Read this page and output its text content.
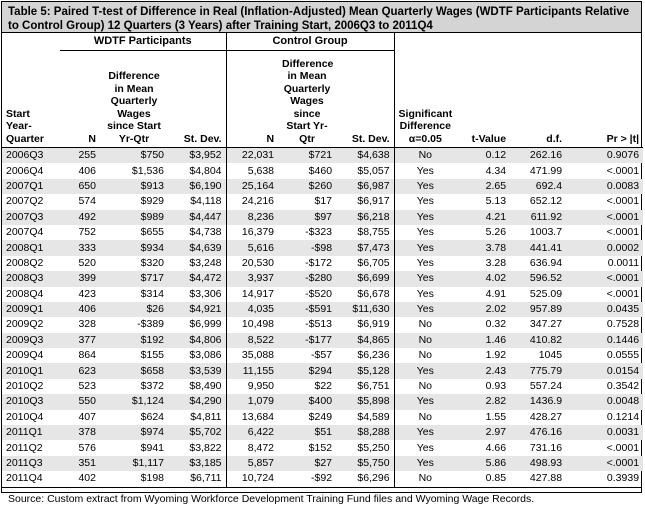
Table 5: Paired T-test of Difference in Real (Inflation-Adjusted) Mean Quarterly Wages (WDTF Participants Relative to Control Group) 12 Quarters (3 Years) after Training Start, 2006Q3 to 2011Q4
	WDTF Participants			Control Group						
Start Year-Quarter	N	Difference in Mean Quarterly Wages since Start Yr-Qtr	St. Dev.	N	Difference in Mean Quarterly Wages since Start Yr-Qtr	St. Dev.	Significant Difference α=0.05	t-Value	d.f.	Pr > |t|
2006Q3	255	$750	$3,952	22,031	$721	$4,638	No	0.12	262.16	0.9076
2006Q4	406	$1,536	$4,804	5,638	$460	$5,057	Yes	4.34	471.99	<.0001
2007Q1	650	$913	$6,190	25,164	$260	$6,987	Yes	2.65	692.4	0.0083
2007Q2	574	$929	$4,118	24,216	$17	$6,917	Yes	5.13	652.12	<.0001
2007Q3	492	$989	$4,447	8,236	$97	$6,218	Yes	4.21	611.92	<.0001
2007Q4	752	$655	$4,738	16,379	-$323	$8,755	Yes	5.26	1003.7	<.0001
2008Q1	333	$934	$4,639	5,616	-$98	$7,473	Yes	3.78	441.41	0.0002
2008Q2	520	$320	$3,248	20,530	-$172	$6,705	Yes	3.28	636.94	0.0011
2008Q3	399	$717	$4,472	3,937	-$280	$6,699	Yes	4.02	596.52	<.0001
2008Q4	423	$314	$3,306	14,917	-$520	$6,678	Yes	4.91	525.09	<.0001
2009Q1	406	$26	$4,921	4,035	-$591	$11,630	Yes	2.02	957.89	0.0435
2009Q2	328	-$389	$6,999	10,498	-$513	$6,919	No	0.32	347.27	0.7528
2009Q3	377	$192	$4,806	8,522	-$177	$4,865	No	1.46	410.82	0.1446
2009Q4	864	$155	$3,086	35,088	-$57	$6,236	No	1.92	1045	0.0555
2010Q1	623	$658	$3,539	11,155	$294	$5,128	Yes	2.43	775.79	0.0154
2010Q2	523	$372	$8,490	9,950	$22	$6,751	No	0.93	557.24	0.3542
2010Q3	550	$1,124	$4,290	1,079	$400	$5,898	Yes	2.82	1436.9	0.0048
2010Q4	407	$624	$4,811	13,684	$249	$4,589	No	1.55	428.27	0.1214
2011Q1	378	$974	$5,702	6,422	$51	$8,288	Yes	2.97	476.16	0.0031
2011Q2	576	$941	$3,822	8,472	$152	$5,250	Yes	4.66	731.16	<.0001
2011Q3	351	$1,117	$3,185	5,857	$27	$5,750	Yes	5.86	498.93	<.0001
2011Q4	402	$198	$6,711	10,724	-$92	$6,296	No	0.85	427.88	0.3939
Source: Custom extract from Wyoming Workforce Development Training Fund files and Wyoming Wage Records.
